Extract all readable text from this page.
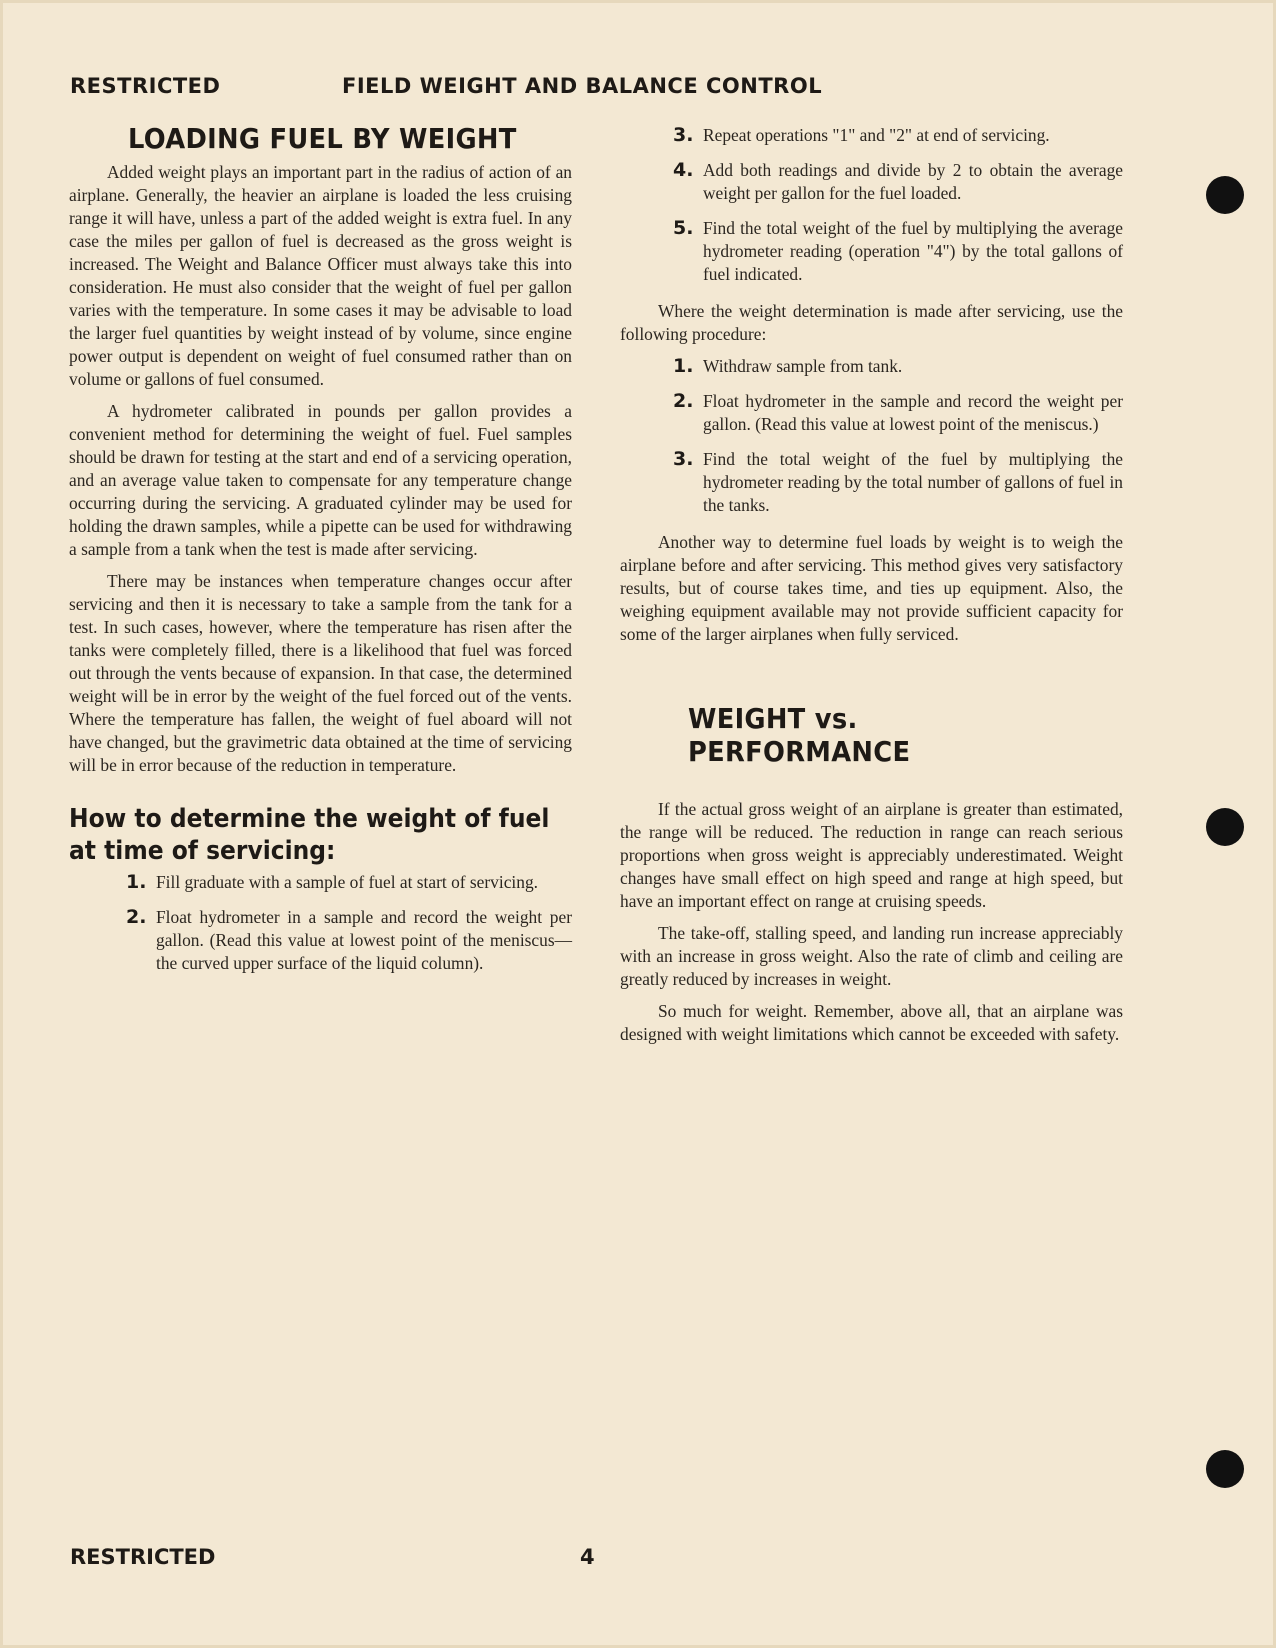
RESTRICTED	FIELD WEIGHT AND BALANCE CONTROL
LOADING FUEL BY WEIGHT

Added weight plays an important part in the radius of action of an airplane. Generally, the heavier an airplane is loaded the less cruising range it will have, unless a part of the added weight is extra fuel. In any case the miles per gallon of fuel is decreased as the gross weight is increased. The Weight and Balance Officer must always take this into consideration. He must also consider that the weight of fuel per gallon varies with the temperature. In some cases it may be advisable to load the larger fuel quantities by weight instead of by volume, since engine power output is dependent on weight of fuel consumed rather than on volume or gallons of fuel consumed.

A hydrometer calibrated in pounds per gallon provides a convenient method for determining the weight of fuel. Fuel samples should be drawn for testing at the start and end of a servicing operation, and an average value taken to compensate for any temperature change occurring during the servicing. A graduated cylinder may be used for holding the drawn samples, while a pipette can be used for withdrawing a sample from a tank when the test is made after servicing.

There may be instances when temperature changes occur after servicing and then it is necessary to take a sample from the tank for a test. In such cases, however, where the temperature has risen after the tanks were completely filled, there is a likelihood that fuel was forced out through the vents because of expansion. In that case, the determined weight will be in error by the weight of the fuel forced out of the vents. Where the temperature has fallen, the weight of fuel aboard will not have changed, but the gravimetric data obtained at the time of servicing will be in error because of the reduction in temperature.

How to determine the weight of fuel at time of servicing:
1. Fill graduate with a sample of fuel at start of servicing.
2. Float hydrometer in a sample and record the weight per gallon. (Read this value at lowest point of the meniscus—the curved upper surface of the liquid column).
3. Repeat operations "1" and "2" at end of servicing.
4. Add both readings and divide by 2 to obtain the average weight per gallon for the fuel loaded.
5. Find the total weight of the fuel by multiplying the average hydrometer reading (operation "4") by the total gallons of fuel indicated.

Where the weight determination is made after servicing, use the following procedure:

1. Withdraw sample from tank.
2. Float hydrometer in the sample and record the weight per gallon. (Read this value at lowest point of the meniscus.)
3. Find the total weight of the fuel by multiplying the hydrometer reading by the total number of gallons of fuel in the tanks.

Another way to determine fuel loads by weight is to weigh the airplane before and after servicing. This method gives very satisfactory results, but of course takes time, and ties up equipment. Also, the weighing equipment available may not provide sufficient capacity for some of the larger airplanes when fully serviced.

WEIGHT vs. PERFORMANCE

If the actual gross weight of an airplane is greater than estimated, the range will be reduced. The reduction in range can reach serious proportions when gross weight is appreciably underestimated. Weight changes have small effect on high speed and range at high speed, but have an important effect on range at cruising speeds.

The take-off, stalling speed, and landing run increase appreciably with an increase in gross weight. Also the rate of climb and ceiling are greatly reduced by increases in weight.

So much for weight. Remember, above all, that an airplane was designed with weight limitations which cannot be exceeded with safety.

RESTRICTED	4
